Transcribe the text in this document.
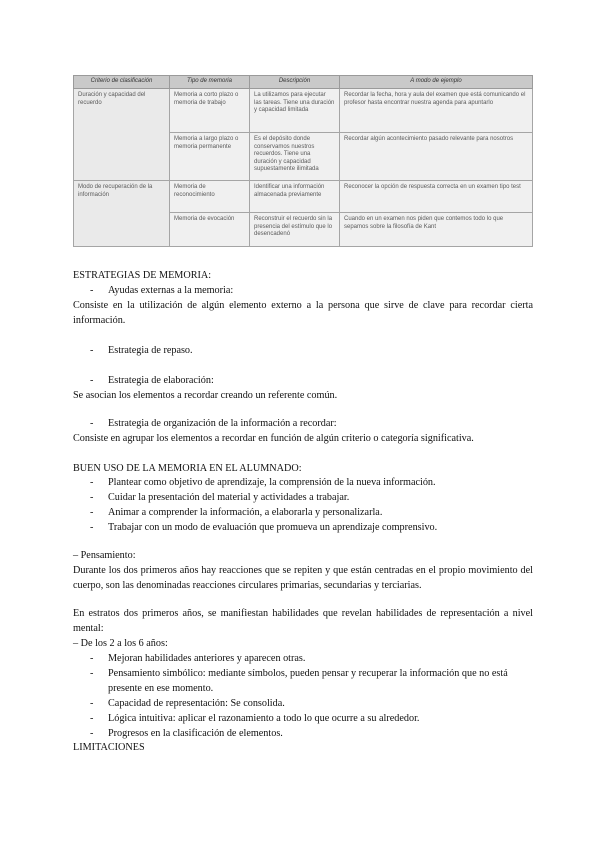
Criterio de clasificación	Tipo de memoria	Descripción	A modo de ejemplo
Duración y capacidad del recuerdo	Memoria a corto plazo o memoria de trabajo	La utilizamos para ejecutar las tareas. Tiene una duración y capacidad limitada	Recordar la fecha, hora y aula del examen que está comunicando el profesor hasta encontrar nuestra agenda para apuntarlo
	Memoria a largo plazo o memoria permanente	Es el depósito donde conservamos nuestros recuerdos. Tiene una duración y capacidad supuestamente ilimitada	Recordar algún acontecimiento pasado relevante para nosotros
Modo de recuperación de la información	Memoria de reconocimiento	Identificar una información almacenada previamente	Reconocer la opción de respuesta correcta en un examen tipo test
	Memoria de evocación	Reconstruir el recuerdo sin la presencia del estímulo que lo desencadenó	Cuando en un examen nos piden que contemos todo lo que sepamos sobre la filosofía de Kant

ESTRATEGIAS DE MEMORIA:

- Ayudas externas a la memoria:

Consiste en la utilización de algún elemento externo a la persona que sirve de clave para recordar cierta información.

- Estrategia de repaso.
- Estrategia de elaboración:

Se asocian los elementos a recordar creando un referente común.

- Estrategia de organización de la información a recordar:

Consiste en agrupar los elementos a recordar en función de algún criterio o categoría significativa.

BUEN USO DE LA MEMORIA EN EL ALUMNADO:

- Plantear como objetivo de aprendizaje, la comprensión de la nueva información.
- Cuidar la presentación del material y actividades a trabajar.
- Animar a comprender la información, a elaborarla y personalizarla.
- Trabajar con un modo de evaluación que promueva un aprendizaje comprensivo.

– Pensamiento:

Durante los dos primeros años hay reacciones que se repiten y que están centradas en el propio movimiento del cuerpo, son las denominadas reacciones circulares primarias, secundarias y terciarias.

En estratos dos primeros años, se manifiestan habilidades que revelan habilidades de representación a nivel mental:

– De los 2 a los 6 años:

- Mejoran habilidades anteriores y aparecen otras.
- Pensamiento simbólico: mediante símbolos, pueden pensar y recuperar la información que no está presente en ese momento.
- Capacidad de representación: Se consolida.
- Lógica intuitiva: aplicar el razonamiento a todo lo que ocurre a su alrededor.
- Progresos en la clasificación de elementos.

LIMITACIONES
